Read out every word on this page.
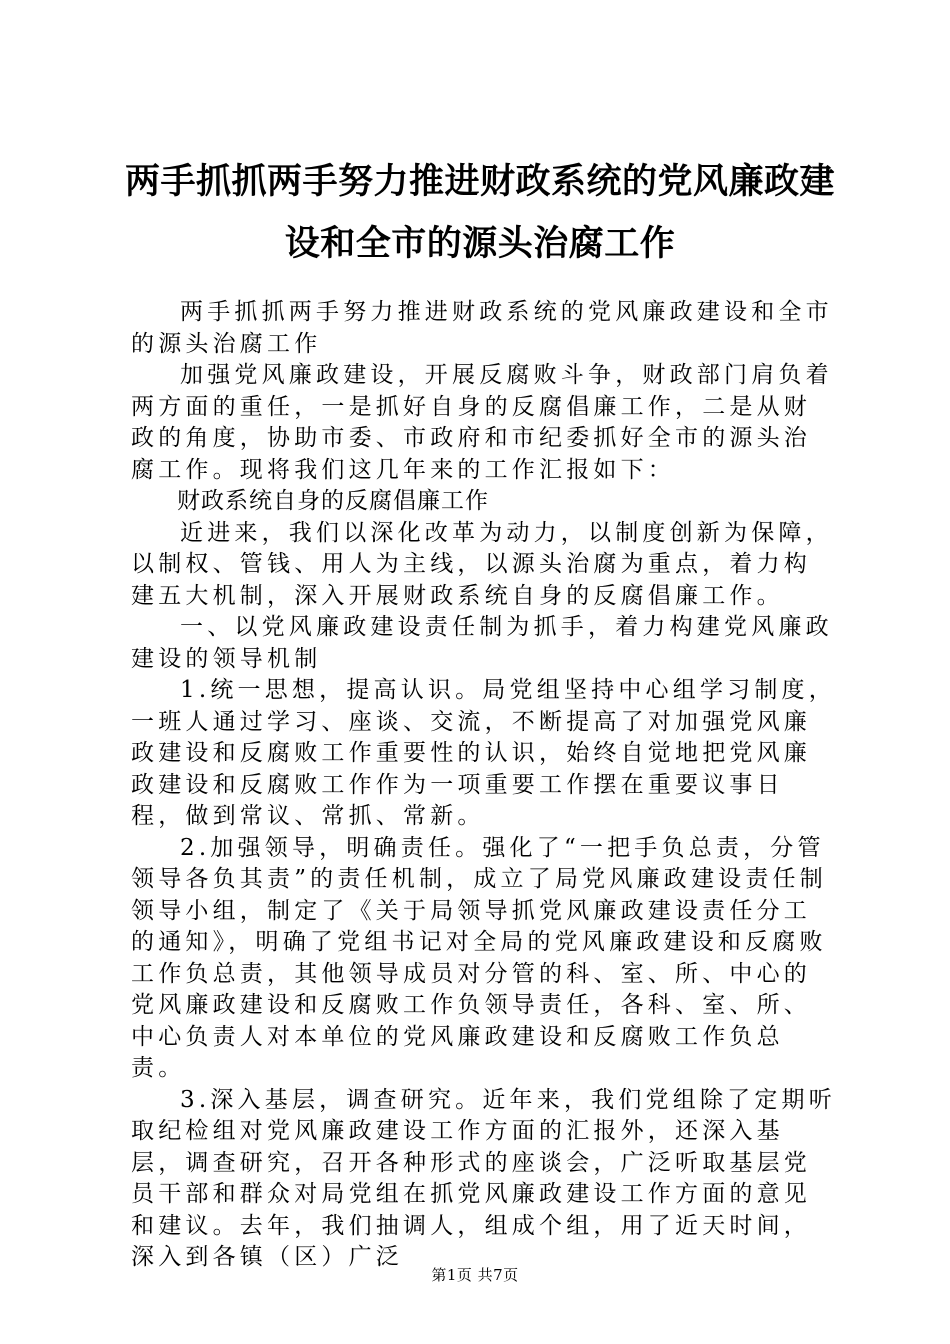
两手抓抓两手努力推进财政系统的党风廉政建
设和全市的源头治腐工作

两手抓抓两手努力推进财政系统的党风廉政建设和全市的源头治腐工作

加强党风廉政建设，开展反腐败斗争，财政部门肩负着两方面的重任，一是抓好自身的反腐倡廉工作，二是从财政的角度，协助市委、市政府和市纪委抓好全市的源头治腐工作。现将我们这几年来的工作汇报如下：

财政系统自身的反腐倡廉工作

近进来，我们以深化改革为动力，以制度创新为保障，以制权、管钱、用人为主线，以源头治腐为重点，着力构建五大机制，深入开展财政系统自身的反腐倡廉工作。

一、以党风廉政建设责任制为抓手，着力构建党风廉政建设的领导机制

1.统一思想，提高认识。局党组坚持中心组学习制度，一班人通过学习、座谈、交流，不断提高了对加强党风廉政建设和反腐败工作重要性的认识，始终自觉地把党风廉政建设和反腐败工作作为一项重要工作摆在重要议事日程，做到常议、常抓、常新。

2.加强领导，明确责任。强化了“一把手负总责，分管领导各负其责”的责任机制，成立了局党风廉政建设责任制领导小组，制定了《关于局领导抓党风廉政建设责任分工的通知》，明确了党组书记对全局的党风廉政建设和反腐败工作负总责，其他领导成员对分管的科、室、所、中心的党风廉政建设和反腐败工作负领导责任，各科、室、所、中心负责人对本单位的党风廉政建设和反腐败工作负总责。

3.深入基层，调查研究。近年来，我们党组除了定期听取纪检组对党风廉政建设工作方面的汇报外，还深入基层，调查研究，召开各种形式的座谈会，广泛听取基层党员干部和群众对局党组在抓党风廉政建设工作方面的意见和建议。去年，我们抽调人，组成个组，用了近天时间，深入到各镇（区）广泛

第1页 共7页
